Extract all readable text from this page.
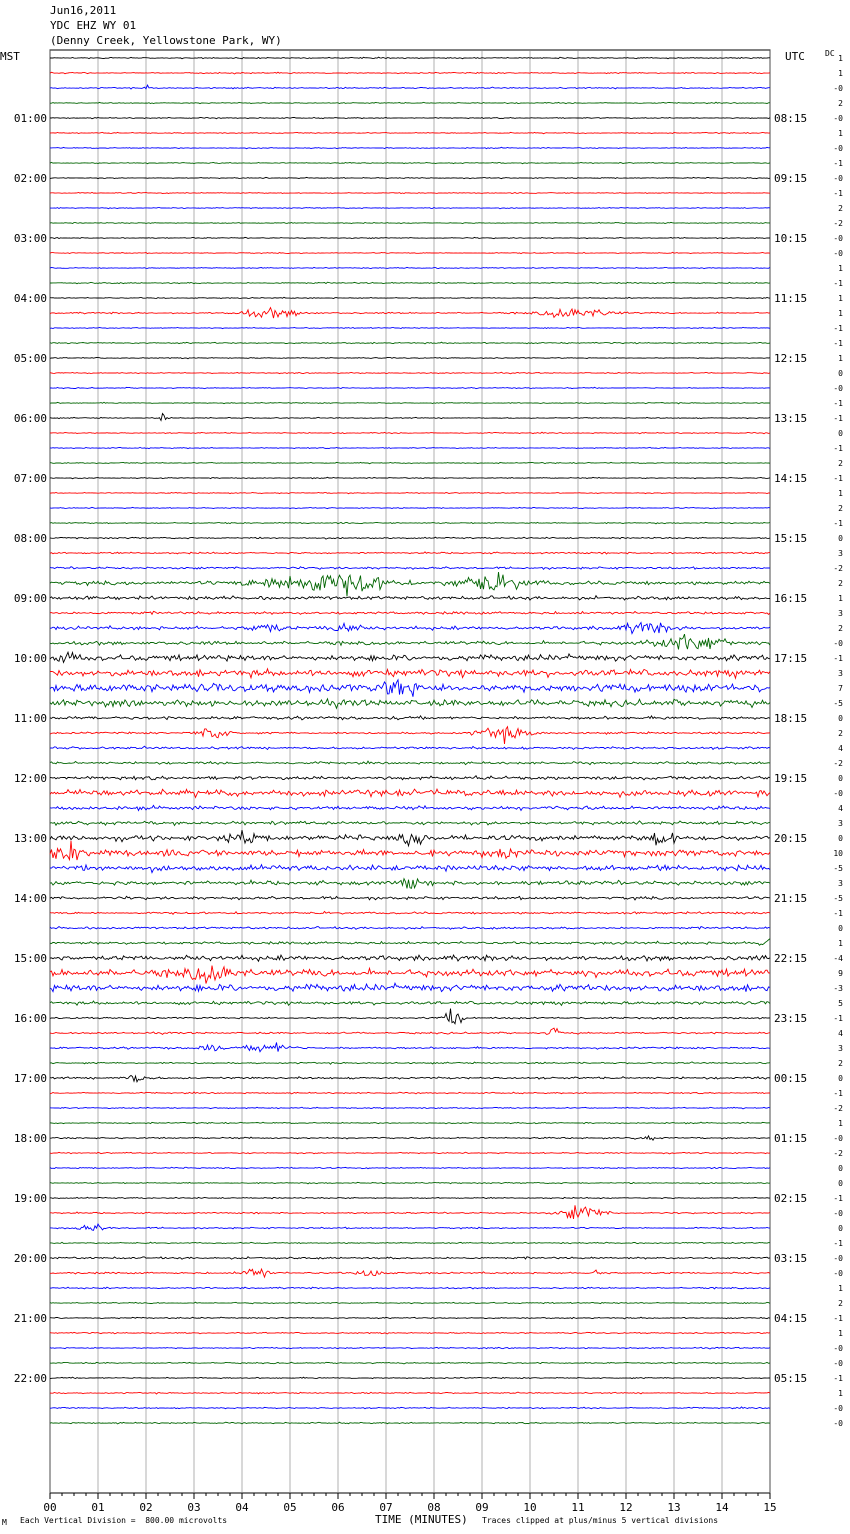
Jun16,2011
YDC EHZ WY 01
(Denny Creek, Yellowstone Park, WY)
MST	UTC	DC
00	01	02	03	04	05	06	07	08	09	10	11	12	13	14	15
1
1
-0
2
-0
01:00	08:15
1
-0
-1
-0
02:00	09:15
-1
2
-2
-0
03:00	10:15
-0
1
-1
1
04:00	11:15
1
-1
-1
1
05:00	12:15
0
-0
-1
-1
06:00	13:15
0
-1
2
-1
07:00	14:15
1
2
-1
0
08:00	15:15
3
-2
2
1
09:00	16:15
3
2
-0
-1
10:00	17:15
3
7
-5
0
11:00	18:15
2
4
-2
0
12:00	19:15
-0
4
3
0
13:00	20:15
10
-5
3
-5
14:00	21:15
-1
0
1
-4
15:00	22:15
9
-3
5
-1
16:00	23:15
4
3
2
0
17:00	00:15
-1
-2
1
-0
18:00	01:15
-2
0
0
-1
19:00	02:15
-0
0
-1
-0
20:00	03:15
-0
1
2
-1
21:00	04:15
1
-0
-0
-1
22:00	05:15
1
-0
-0
M Each Vertical Division =  800.00 microvolts	TIME (MINUTES) Traces clipped at plus/minus 5 vertical divisions
